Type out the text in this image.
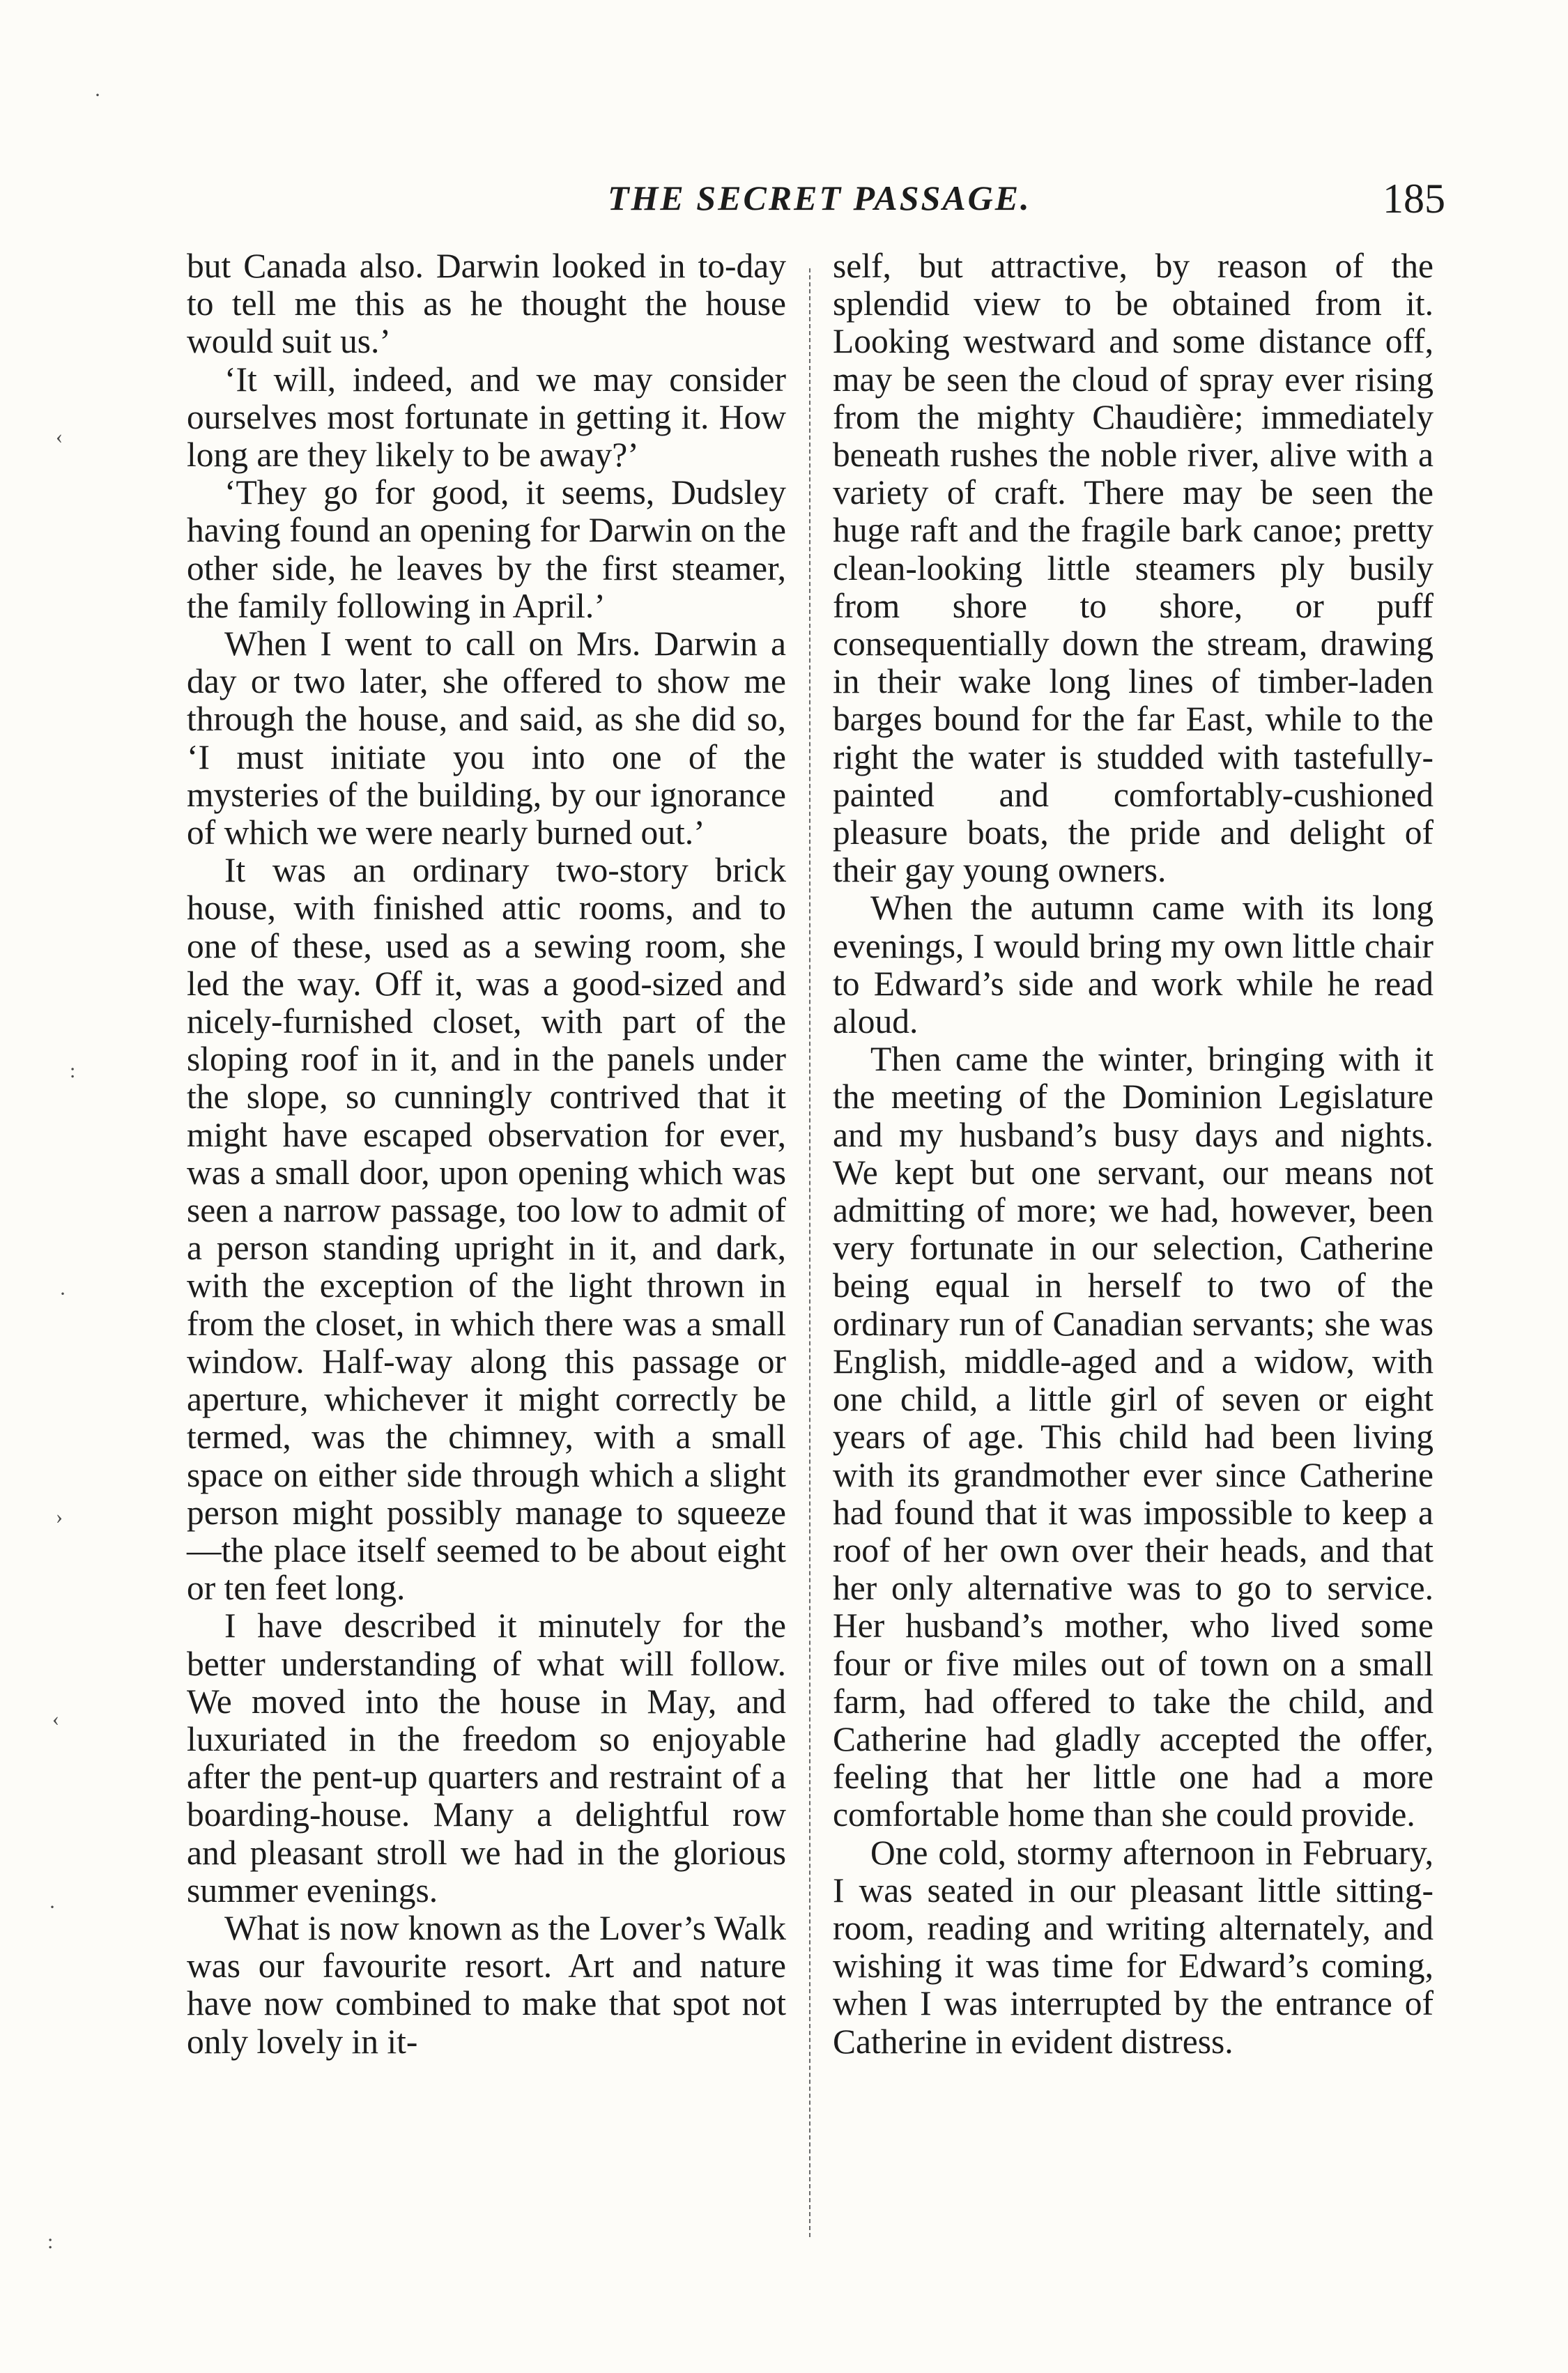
THE SECRET PASSAGE.	185

but Canada also. Darwin looked in to-day to tell me this as he thought the house would suit us.’

‘It will, indeed, and we may consider ourselves most fortunate in getting it. How long are they likely to be away?’

‘They go for good, it seems, Dudsley having found an opening for Darwin on the other side, he leaves by the first steamer, the family following in April.’

When I went to call on Mrs. Darwin a day or two later, she offered to show me through the house, and said, as she did so, ‘I must initiate you into one of the mysteries of the building, by our ignorance of which we were nearly burned out.’

It was an ordinary two-story brick house, with finished attic rooms, and to one of these, used as a sewing room, she led the way. Off it, was a good-sized and nicely-furnished closet, with part of the sloping roof in it, and in the panels under the slope, so cunningly contrived that it might have escaped observation for ever, was a small door, upon opening which was seen a narrow passage, too low to admit of a person standing upright in it, and dark, with the exception of the light thrown in from the closet, in which there was a small window. Half-way along this passage or aperture, whichever it might correctly be termed, was the chimney, with a small space on either side through which a slight person might possibly manage to squeeze—the place itself seemed to be about eight or ten feet long.

I have described it minutely for the better understanding of what will follow. We moved into the house in May, and luxuriated in the freedom so enjoyable after the pent-up quarters and restraint of a boarding-house. Many a delightful row and pleasant stroll we had in the glorious summer evenings.

What is now known as the Lover’s Walk was our favourite resort. Art and nature have now combined to make that spot not only lovely in it-

self, but attractive, by reason of the splendid view to be obtained from it. Looking westward and some distance off, may be seen the cloud of spray ever rising from the mighty Chaudière; immediately beneath rushes the noble river, alive with a variety of craft. There may be seen the huge raft and the fragile bark canoe; pretty clean-looking little steamers ply busily from shore to shore, or puff consequentially down the stream, drawing in their wake long lines of timber-laden barges bound for the far East, while to the right the water is studded with tastefully-painted and comfortably-cushioned pleasure boats, the pride and delight of their gay young owners.

When the autumn came with its long evenings, I would bring my own little chair to Edward’s side and work while he read aloud.

Then came the winter, bringing with it the meeting of the Dominion Legislature and my husband’s busy days and nights. We kept but one servant, our means not admitting of more; we had, however, been very fortunate in our selection, Catherine being equal in herself to two of the ordinary run of Canadian servants; she was English, middle-aged and a widow, with one child, a little girl of seven or eight years of age. This child had been living with its grandmother ever since Catherine had found that it was impossible to keep a roof of her own over their heads, and that her only alternative was to go to service. Her husband’s mother, who lived some four or five miles out of town on a small farm, had offered to take the child, and Catherine had gladly accepted the offer, feeling that her little one had a more comfortable home than she could provide.

One cold, stormy afternoon in February, I was seated in our pleasant little sitting-room, reading and writing alternately, and wishing it was time for Edward’s coming, when I was interrupted by the entrance of Catherine in evident distress.

·
‹
:
·
›
‹
·
:
